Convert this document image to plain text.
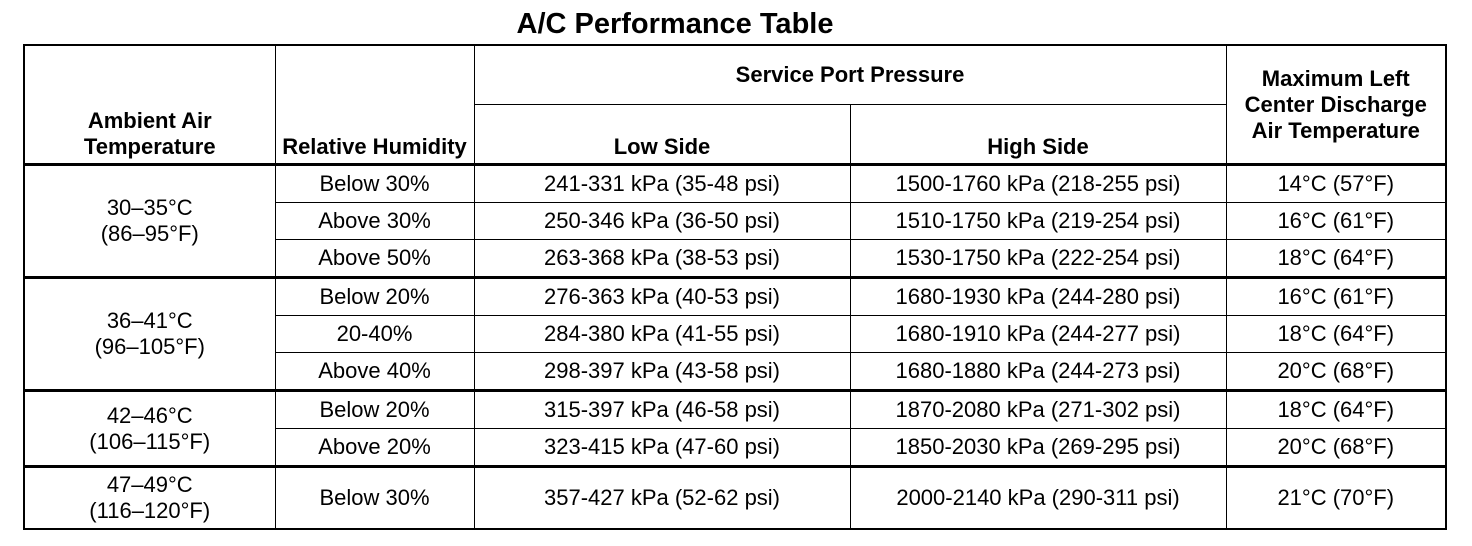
A/C Performance Table
Ambient Air Temperature	Relative Humidity	Service Port Pressure		Maximum Left Center Discharge Air Temperature
		Low Side	High Side	

30–35°C
(86–95°F)	Below 30%	241-331 kPa (35-48 psi)	1500-1760 kPa (218-255 psi)	14°C (57°F)
	Above 30%	250-346 kPa (36-50 psi)	1510-1750 kPa (219-254 psi)	16°C (61°F)
	Above 50%	263-368 kPa (38-53 psi)	1530-1750 kPa (222-254 psi)	18°C (64°F)

36–41°C
(96–105°F)	Below 20%	276-363 kPa (40-53 psi)	1680-1930 kPa (244-280 psi)	16°C (61°F)
	20-40%	284-380 kPa (41-55 psi)	1680-1910 kPa (244-277 psi)	18°C (64°F)
	Above 40%	298-397 kPa (43-58 psi)	1680-1880 kPa (244-273 psi)	20°C (68°F)

42–46°C
(106–115°F)	Below 20%	315-397 kPa (46-58 psi)	1870-2080 kPa (271-302 psi)	18°C (64°F)
	Above 20%	323-415 kPa (47-60 psi)	1850-2030 kPa (269-295 psi)	20°C (68°F)

47–49°C
(116–120°F)	Below 30%	357-427 kPa (52-62 psi)	2000-2140 kPa (290-311 psi)	21°C (70°F)
